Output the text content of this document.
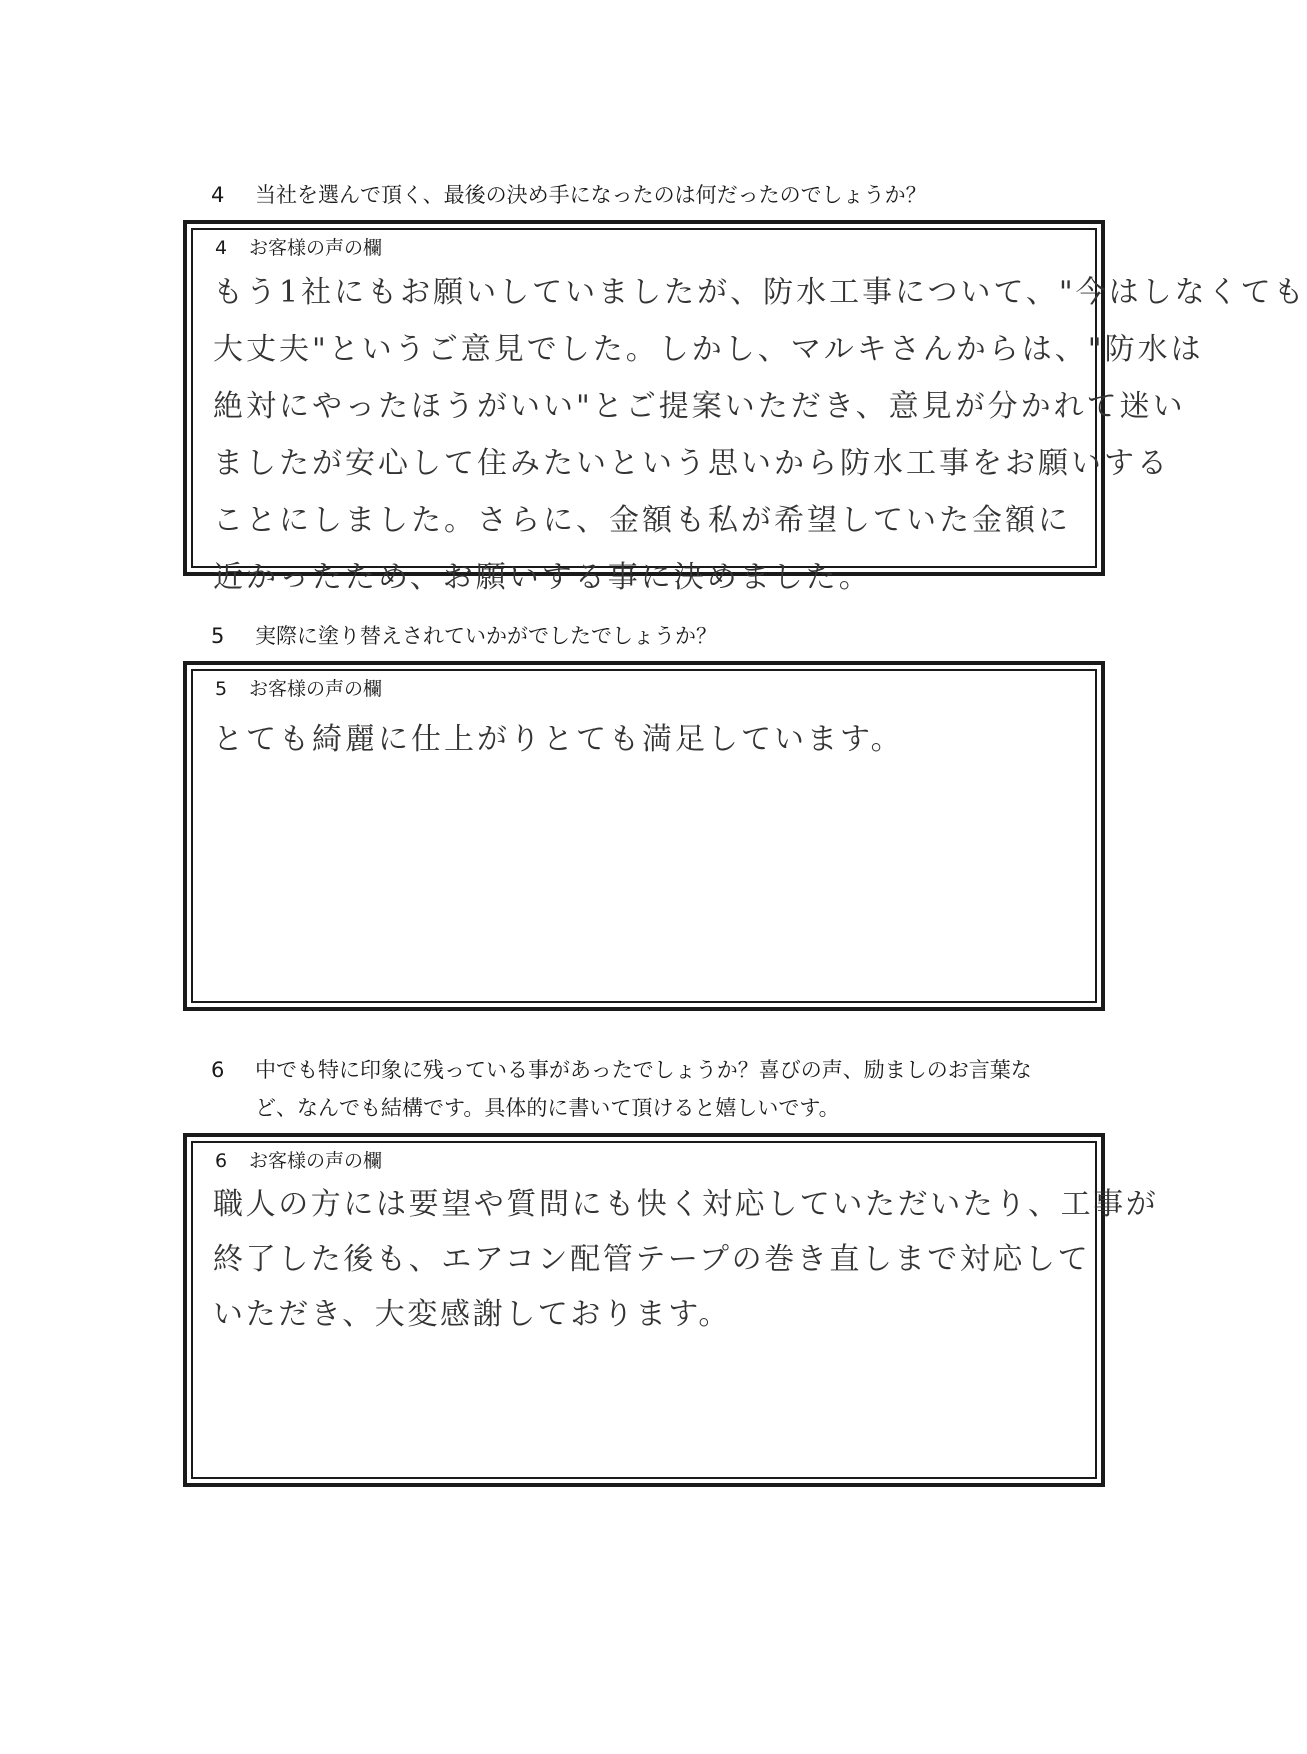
4 当社を選んで頂く、最後の決め手になったのは何だったのでしょうか？
4 お客様の声の欄
もう1社にもお願いしていましたが、防水工事について、"今はしなくても
大丈夫"というご意見でした。しかし、マルキさんからは、"防水は
絶対にやったほうがいい"とご提案いただき、意見が分かれて迷い
ましたが安心して住みたいという思いから防水工事をお願いする
ことにしました。さらに、金額も私が希望していた金額に
近かったため、お願いする事に決めました。
5 実際に塗り替えされていかがでしたでしょうか？
5 お客様の声の欄
とても綺麗に仕上がりとても満足しています。
6 中でも特に印象に残っている事があったでしょうか？喜びの声、励ましのお言葉な
ど、なんでも結構です。具体的に書いて頂けると嬉しいです。
6 お客様の声の欄
職人の方には要望や質問にも快く対応していただいたり、工事が
終了した後も、エアコン配管テープの巻き直しまで対応して
いただき、大変感謝しております。
